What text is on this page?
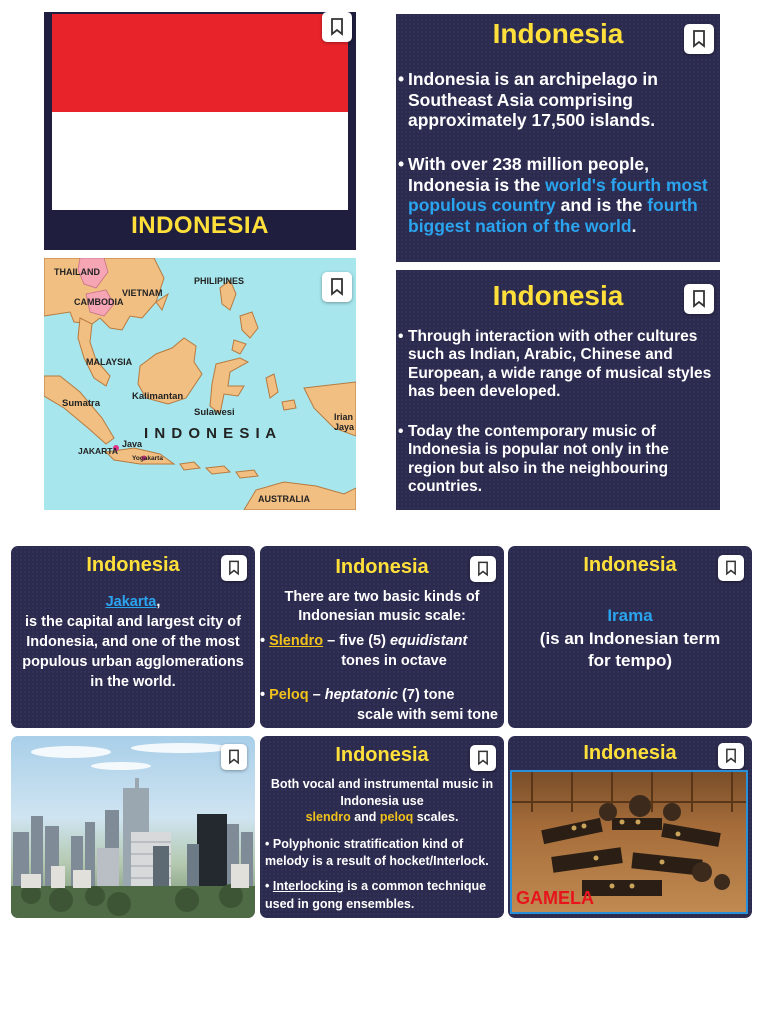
INDONESIA
Indonesia
• Indonesia is an archipelago in Southeast Asia comprising approximately 17,500 islands.
• With over 238 million people, Indonesia is the world's fourth most populous country and is the fourth biggest nation of the world.
THAILAND
VIETNAM
CAMBODIA
PHILIPINES
MALAYSIA
Sumatra
Kalimantan
Sulawesi	Irian Jaya
I N D O N E S I A
JAKARTA
Java
Yogakarta
AUSTRALIA
Indonesia
• Through interaction with other cultures such as Indian, Arabic, Chinese and European, a wide range of musical styles has been developed.
• Today the contemporary music of Indonesia is popular not only in the region but also in the neighbouring countries.
Indonesia
Jakarta,
is the capital and largest city of Indonesia, and one of the most populous urban agglomerations in the world.
Indonesia
There are two basic kinds of Indonesian music scale:
• Slendro – five (5) equidistant

tones in octave
• Peloq – heptatonic (7) tone

scale with semi tone
Indonesia
Irama
(is an Indonesian term for tempo)
Indonesia
Both vocal and instrumental music in Indonesia use
slendro and peloq scales.
• Polyphonic stratification kind of melody is a result of hocket/Interlock.
• Interlocking is a common technique used in gong ensembles.
Indonesia
GAMELA
